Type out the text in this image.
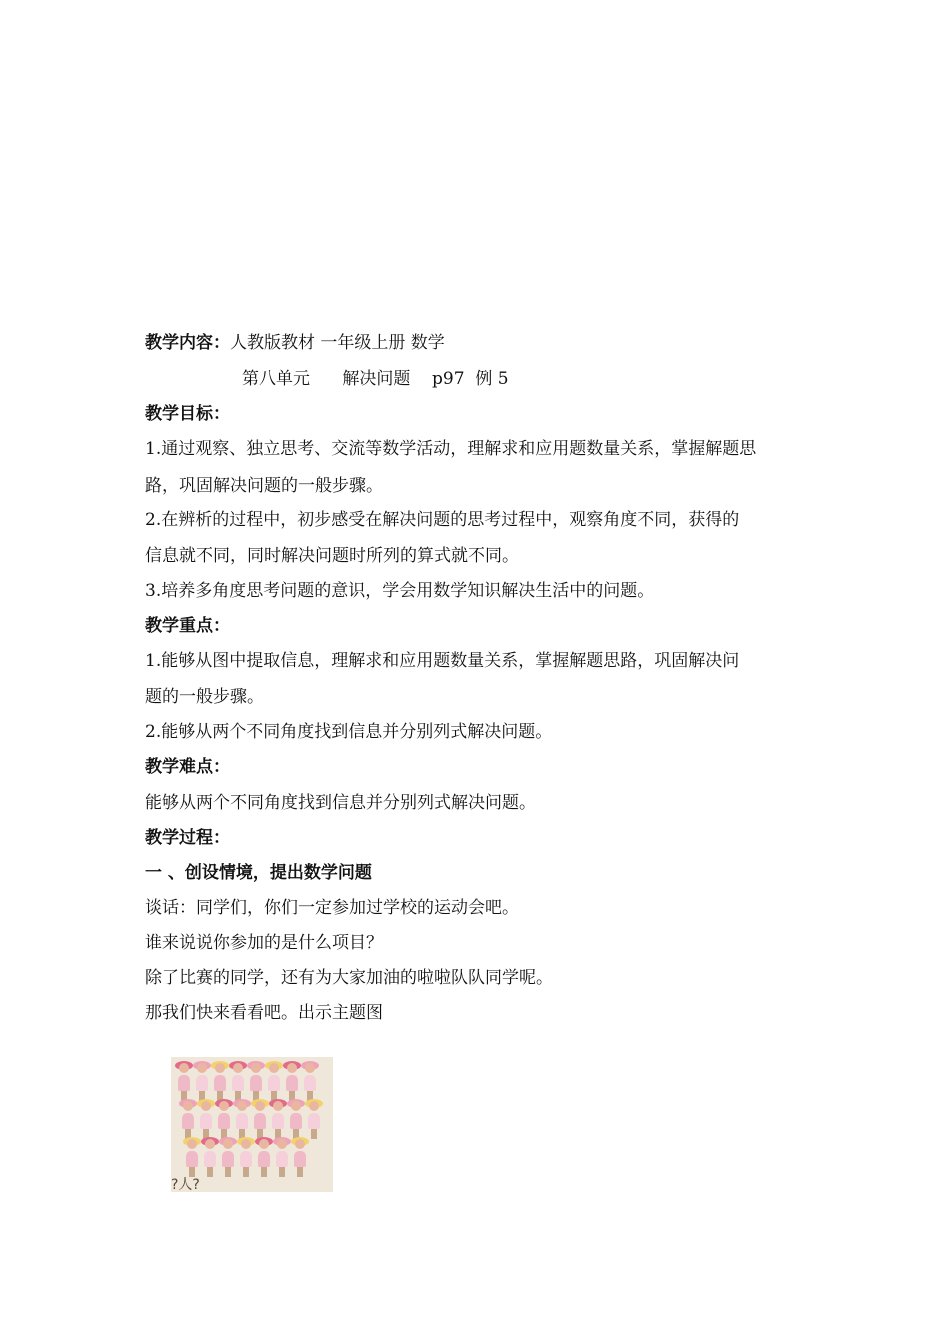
教学内容：人教版教材 一年级上册 数学
第八单元      解决问题    p97  例 5
教学目标：
1.通过观察、独立思考、交流等数学活动，理解求和应用题数量关系，掌握解题思
路，巩固解决问题的一般步骤。
2.在辨析的过程中，初步感受在解决问题的思考过程中，观察角度不同，获得的
信息就不同，同时解决问题时所列的算式就不同。
3.培养多角度思考问题的意识，学会用数学知识解决生活中的问题。
教学重点：
1.能够从图中提取信息，理解求和应用题数量关系，掌握解题思路，巩固解决问
题的一般步骤。
2.能够从两个不同角度找到信息并分别列式解决问题。
教学难点：
能够从两个不同角度找到信息并分别列式解决问题。
教学过程：
一 、创设情境，提出数学问题
谈话：同学们，你们一定参加过学校的运动会吧。
谁来说说你参加的是什么项目？
除了比赛的同学，还有为大家加油的啦啦队队同学呢。
那我们快来看看吧。出示主题图
?人?
